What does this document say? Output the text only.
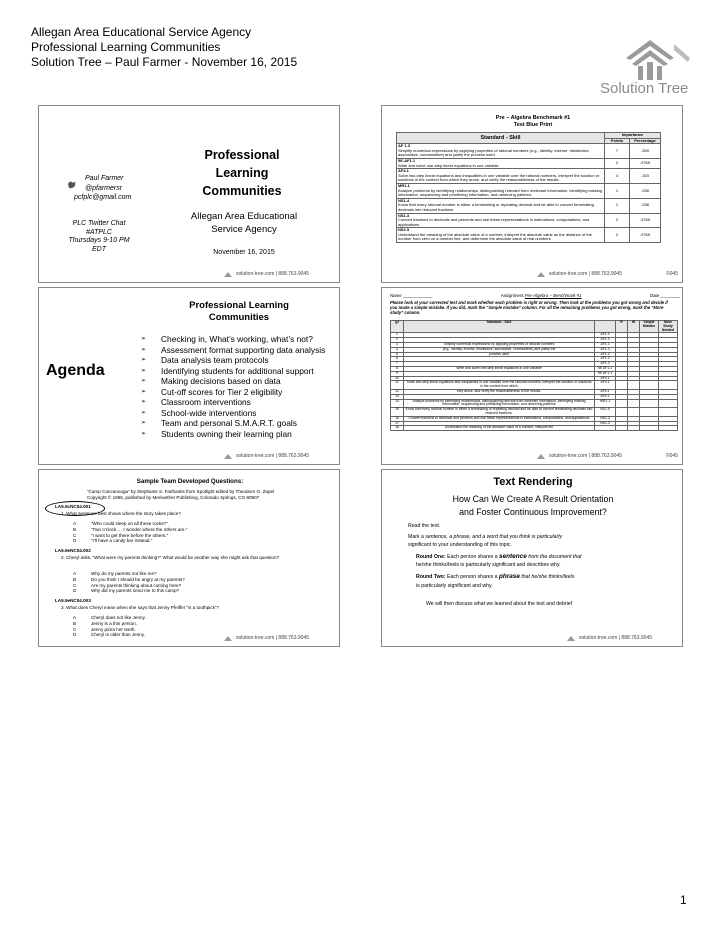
Allegan Area Educational Service Agency
Professional Learning Communities
Solution Tree – Paul Farmer - November 16, 2015
Solution Tree
Professional
Learning
Communities
Paul Farmer
@pfarmersr
pcfplc@gmail.com
PLC Twitter Chat
#ATPLC
Thursdays 9-10 PM
EDT
Allegan Area Educational
Service Agency
November 16, 2015
solution-tree.com | 888.763.9045
Pre – Algebra Benchmark #1
Test Blue Print
Standard - Skill	Importance	
	Points	Percentage
AF 1.3
Simplify numerical expressions by applying properties of rational numbers (e.g., identity, inverse, distributive, associative, commutative) and justify the process used	7	.269
5E-AF1.1
Write and solve one-step linear equations in one variable	2	.0769
AF4.1
Solve two-step linear equations and inequalities in one variable over the rational numbers, interpret the solution or solutions in the context from which they arose, and verify the reasonableness of the results.	4	.153
MR1.1
Analyze problems by identifying relationships, distinguishing relevant from irrelevant information, identifying missing information, sequencing and prioritizing information, and observing patterns	1	.038
NS1.4
Know that every rational number is either a terminating or repeating decimal and be able to convert terminating decimals into reduced fractions	1	.038
NS1.3
Convert fractions to decimals and percents and use these representations in estimations, computations, and applications	2	.0769
NS2.5
Understand the meaning of the absolute value of a number; interpret the absolute value as the distance of the number from zero on a number line, and determine the absolute value of real numbers	2	.0769
©045
solution-tree.com | 888.763.9045
Professional Learning
Communities
Agenda
➢ Checking in, What’s working, what’s not?
➢ Assessment format supporting data analysis
➢ Data analysis team protocols
➢ Identifying students for additional support
➢ Making decisions based on data
➢ Cut-off scores for Tier 2 eligibility
➢ Classroom interventions
➢ School-wide interventions
➢ Team and personal S.M.A.R.T. goals
➢ Students owning their learning plan
solution-tree.com | 888.763.9045
Name ____________	Assignment Pre-Algebra – Benchmark #1	Date ________
Please look at your corrected test and mark whether each problem is right or wrong. Then look at the problems you got wrong and decide if you made a simple mistake. If you did, mark the “Simple mistake” column. For all the remaining problems you got wrong, mark the “More study” column.
Q#	Standard - Skill		R	W	Simple Mistake	More Study Needed
1		AF1.3				
2		AF1.3				
3	Simplify numerical expressions by applying properties of rational numbers	AF1.3				
4	(e.g., identity, inverse, distributive, associative, commutative) and justify the	AF1.3				
5	process used	AF1.3				
6		AF1.3				
7		AF1.3				
8	Write and solve one-step linear equations in one variable	5E AF1.1				
9		5E AF1.1				
10		AF4.1				
11	Solve two-step linear equations and inequalities in one variable over the rational numbers, interpret the solution or solutions in the context from which	AF4.1				
12	they arose, and verify the reasonableness of the results.	AF4.1				
13		AF4.1				
14	Analyze problems by identifying relationships, distinguishing relevant from irrelevant information, identifying missing information, sequencing and prioritizing information, and observing patterns	MR1.1				
15	Know that every rational number is either a terminating or repeating decimal and be able to convert terminating decimals into reduced fractions.	NS1.5				
16	Convert fractions to decimals and percents and use these representations in estimations, computations, and applications	NS1.3				
17		NS1.3				
18	Understand the meaning of the absolute value of a number; interpret the					
©045
solution-tree.com | 888.763.9045
Sample Team Developed Questions:
“Camp Cancanooga” by Stephanie S. Fairbanks from Spotlight edited by Theodore O. Zapel
Copyright © 1995, published by Meriwether Publishing, Colorado Springs, CO 80907
LA5.5cNC04.001
1. What sentence best shows where the story takes place?
A	“Who could sleep on all these rocks?”
B	“Two o’clock … I wonder where the others are.”
C	“I want to get there before the others.”
D	“I’ll have a candy bar instead.”
LA5.5eNC04.002
2. Cheryl asks, “What were my parents thinking?” What would be another way she might ask that question?
A	Why do my parents not like me?
B	Do you think I should be angry at my parents?
C	Are my parents thinking about coming here?
D	Why did my parents send me to this camp?
LA5.5eNC04.003
3. What does Cheryl mean when she says that Jenny Pfeiffer “is a toothpick”?
A	Cheryl does not like Jenny.
B	Jenny is a thin person.
C	Jenny picks her teeth.
D	Cheryl is older than Jenny.
solution-tree.com | 888.763.9045
Text Rendering
How Can We Create A Result Orientation
and Foster Continuous Improvement?
Read the text.
Mark a sentence, a phrase, and a word that you think is particularly
significant to your understanding of this topic.
Round One: Each person shares a sentence from the document that
he/she thinks/feels is particularly significant and describes why.
Round Two: Each person shares a phrase that he/she thinks/feels
is particularly significant and why.
We will then discuss what we learned about the text and debrief
solution-tree.com | 888.763.9045
1
